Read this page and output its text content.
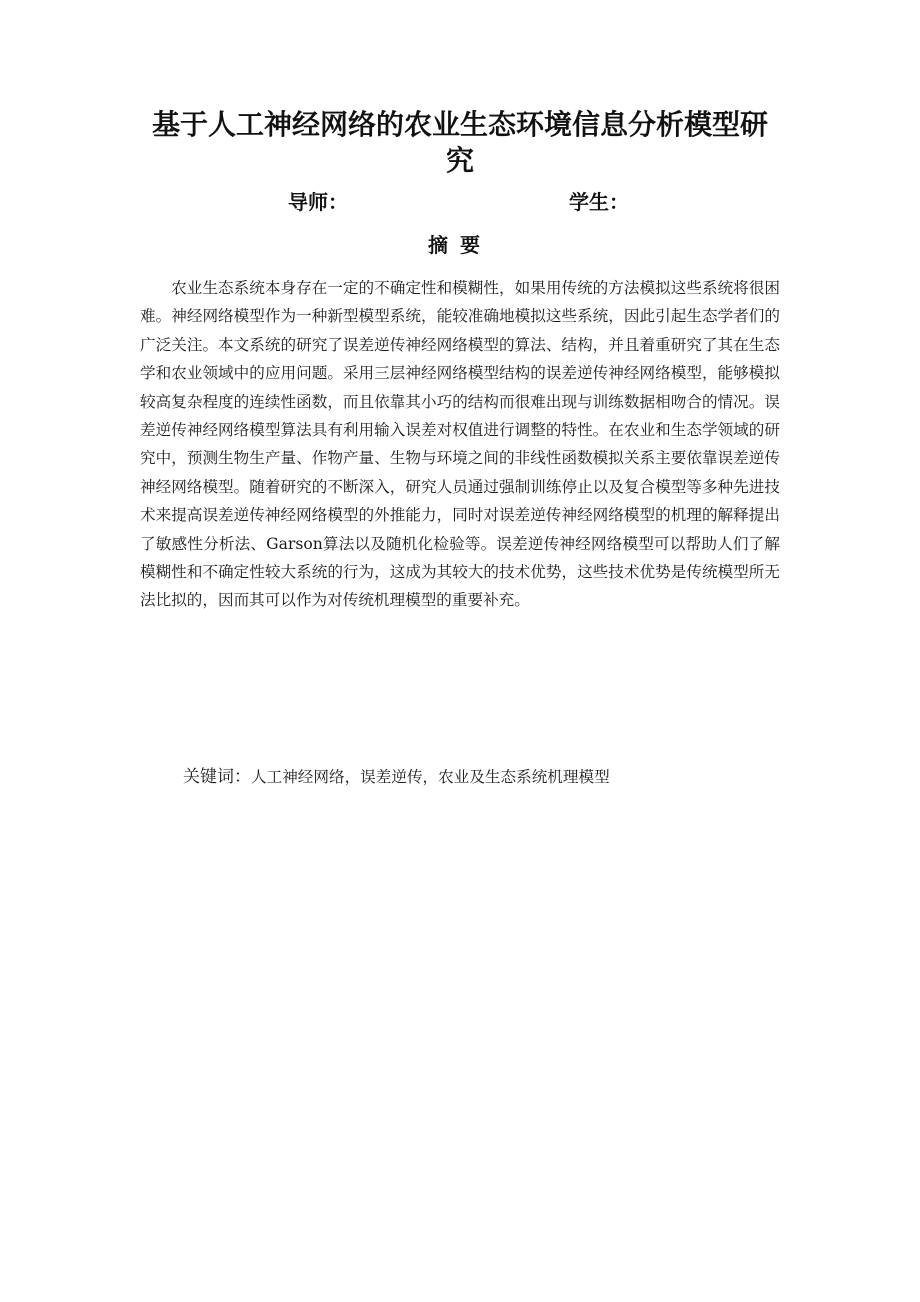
基于人工神经网络的农业生态环境信息分析模型研究
导师：	学生：
摘要

农业生态系统本身存在一定的不确定性和模糊性，如果用传统的方法模拟这些系统将很困难。神经网络模型作为一种新型模型系统，能较准确地模拟这些系统，因此引起生态学者们的广泛关注。本文系统的研究了误差逆传神经网络模型的算法、结构，并且着重研究了其在生态学和农业领域中的应用问题。采用三层神经网络模型结构的误差逆传神经网络模型，能够模拟较高复杂程度的连续性函数，而且依靠其小巧的结构而很难出现与训练数据相吻合的情况。误差逆传神经网络模型算法具有利用输入误差对权值进行调整的特性。在农业和生态学领域的研究中，预测生物生产量、作物产量、生物与环境之间的非线性函数模拟关系主要依靠误差逆传神经网络模型。随着研究的不断深入，研究人员通过强制训练停止以及复合模型等多种先进技术来提高误差逆传神经网络模型的外推能力，同时对误差逆传神经网络模型的机理的解释提出了敏感性分析法、Garson算法以及随机化检验等。误差逆传神经网络模型可以帮助人们了解模糊性和不确定性较大系统的行为，这成为其较大的技术优势，这些技术优势是传统模型所无法比拟的，因而其可以作为对传统机理模型的重要补充。

关键词：人工神经网络，误差逆传，农业及生态系统机理模型
